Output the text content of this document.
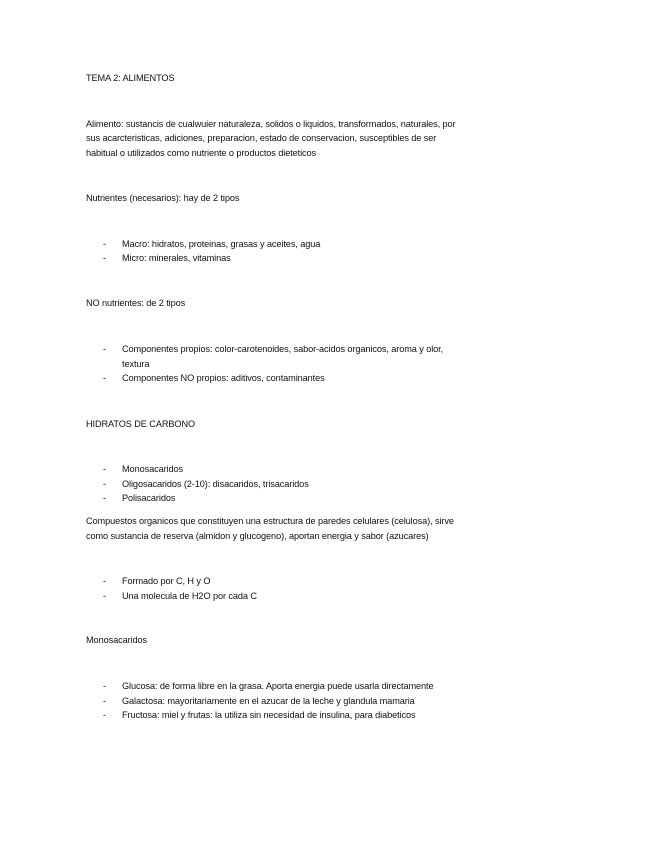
TEMA 2: ALIMENTOS
Alimento: sustancis de cualwuier naturaleza, solidos o liquidos, transformados, naturales, por
sus acarcteristicas, adiciones, preparacion, estado de conservacion, susceptibles de ser
habitual o utilizados como nutriente o productos dieteticos
Nutrientes (necesarios): hay de 2 tipos
- Macro: hidratos, proteinas, grasas y aceites, agua
- Micro: minerales, vitaminas
NO nutrientes: de 2 tipos
- Componentes propios: color-carotenoides, sabor-acidos organicos, aroma y olor,
textura
- Componentes NO propios: aditivos, contaminantes
HIDRATOS DE CARBONO
- Monosacaridos
- Oligosacaridos (2-10): disacaridos, trisacaridos
- Polisacaridos
Compuestos organicos que constituyen una estructura de paredes celulares (celulosa), sirve
como sustancia de reserva (almidon y glucogeno), aportan energia y sabor (azucares)
- Formado por C, H y O
- Una molecula de H2O por cada C
Monosacaridos
- Glucosa: de forma libre en la grasa. Aporta energia puede usarla directamente
- Galactosa: mayoritariamente en el azucar de la leche y glandula mamaria
- Fructosa: miel y frutas: la utiliza sin necesidad de insulina, para diabeticos
